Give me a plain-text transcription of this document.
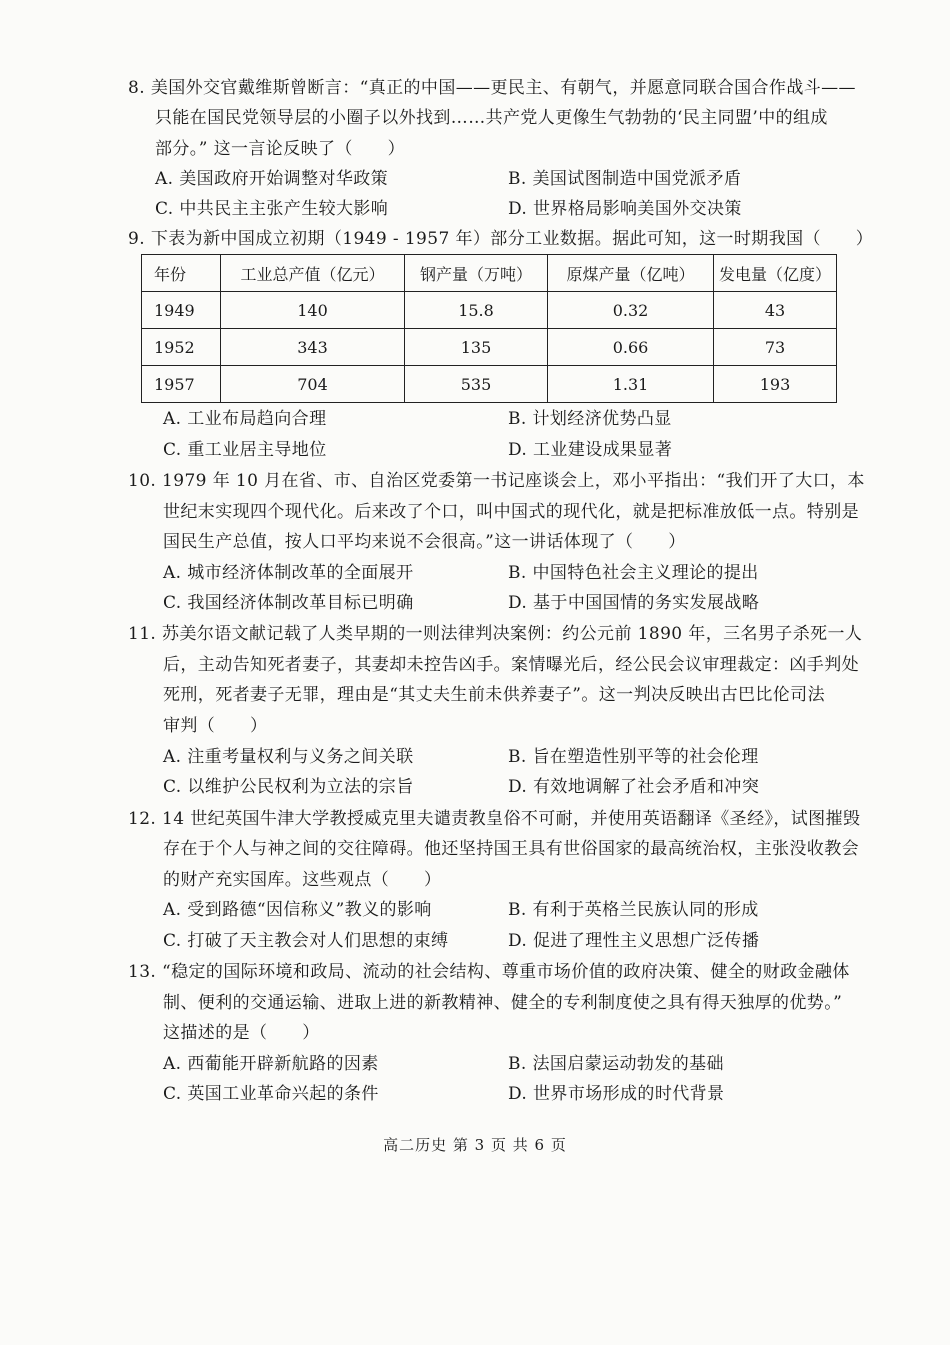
8. 美国外交官戴维斯曾断言：“真正的中国——更民主、有朝气，并愿意同联合国合作战斗——
只能在国民党领导层的小圈子以外找到……共产党人更像生气勃勃的‘民主同盟’中的组成
部分。” 这一言论反映了（　　）
A. 美国政府开始调整对华政策	B. 美国试图制造中国党派矛盾
C. 中共民主主张产生较大影响	D. 世界格局影响美国外交决策
9. 下表为新中国成立初期（1949 - 1957 年）部分工业数据。据此可知，这一时期我国（　　）
年份	工业总产值（亿元）	钢产量（万吨）	原煤产量（亿吨）	发电量（亿度）
1949	140	15.8	0.32	43
1952	343	135	0.66	73
1957	704	535	1.31	193
A. 工业布局趋向合理	B. 计划经济优势凸显
C. 重工业居主导地位	D. 工业建设成果显著
10. 1979 年 10 月在省、市、自治区党委第一书记座谈会上，邓小平指出：“我们开了大口，本
世纪末实现四个现代化。后来改了个口，叫中国式的现代化，就是把标准放低一点。特别是
国民生产总值，按人口平均来说不会很高。”这一讲话体现了（　　）
A. 城市经济体制改革的全面展开	B. 中国特色社会主义理论的提出
C. 我国经济体制改革目标已明确	D. 基于中国国情的务实发展战略
11. 苏美尔语文献记载了人类早期的一则法律判决案例：约公元前 1890 年，三名男子杀死一人
后，主动告知死者妻子，其妻却未控告凶手。案情曝光后，经公民会议审理裁定：凶手判处
死刑，死者妻子无罪，理由是“其丈夫生前未供养妻子”。这一判决反映出古巴比伦司法
审判（　　）
A. 注重考量权利与义务之间关联	B. 旨在塑造性别平等的社会伦理
C. 以维护公民权利为立法的宗旨	D. 有效地调解了社会矛盾和冲突
12. 14 世纪英国牛津大学教授威克里夫谴责教皇俗不可耐，并使用英语翻译《圣经》，试图摧毁
存在于个人与神之间的交往障碍。他还坚持国王具有世俗国家的最高统治权，主张没收教会
的财产充实国库。这些观点（　　）
A. 受到路德“因信称义”教义的影响	B. 有利于英格兰民族认同的形成
C. 打破了天主教会对人们思想的束缚	D. 促进了理性主义思想广泛传播
13. “稳定的国际环境和政局、流动的社会结构、尊重市场价值的政府决策、健全的财政金融体
制、便利的交通运输、进取上进的新教精神、健全的专利制度使之具有得天独厚的优势。”
这描述的是（　　）
A. 西葡能开辟新航路的因素	B. 法国启蒙运动勃发的基础
C. 英国工业革命兴起的条件	D. 世界市场形成的时代背景
高二历史 第 3 页 共 6 页
